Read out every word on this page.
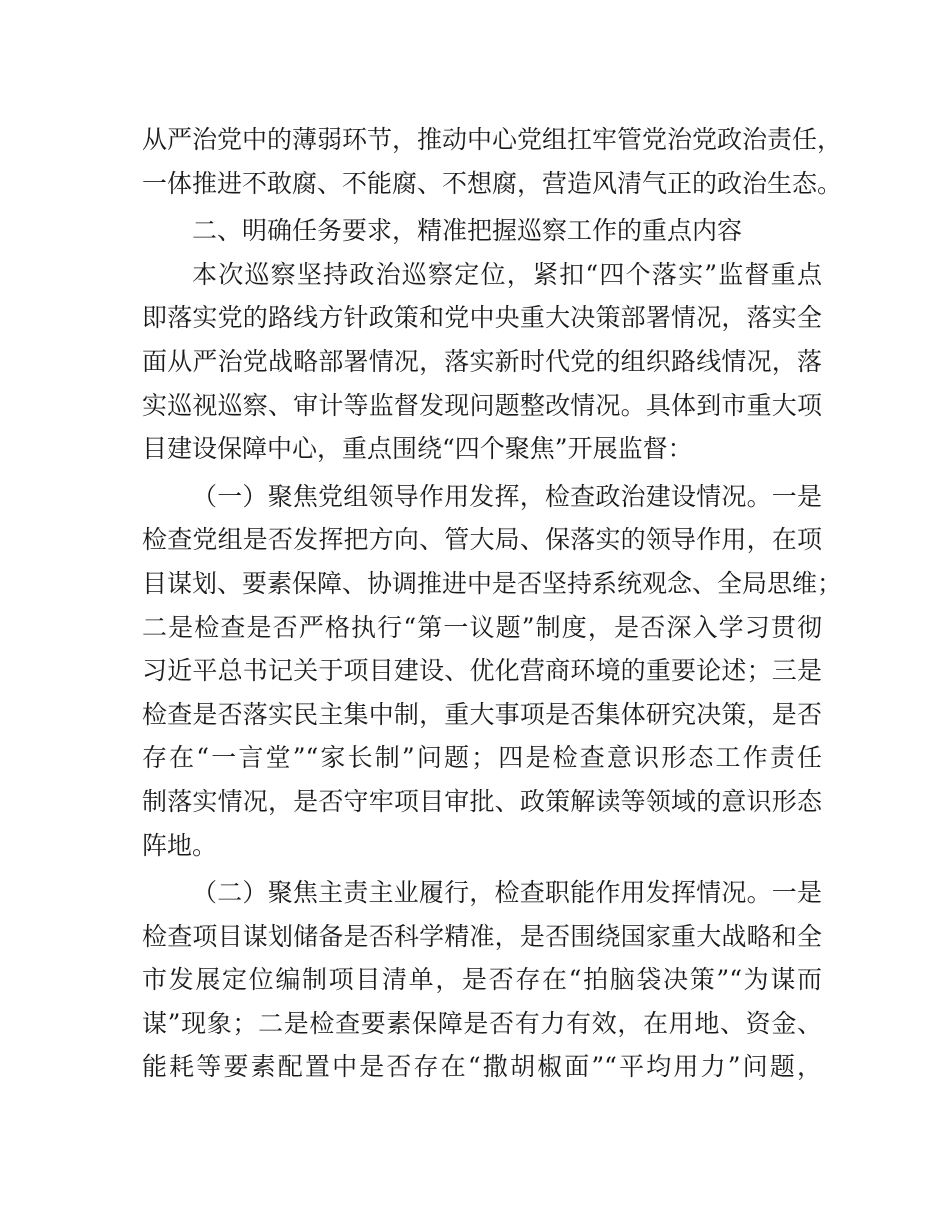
从严治党中的薄弱环节，推动中心党组扛牢管党治党政治责任，
一体推进不敢腐、不能腐、不想腐，营造风清气正的政治生态。
二、明确任务要求，精准把握巡察工作的重点内容
本次巡察坚持政治巡察定位，紧扣“四个落实”监督重点
即落实党的路线方针政策和党中央重大决策部署情况，落实全
面从严治党战略部署情况，落实新时代党的组织路线情况，落
实巡视巡察、审计等监督发现问题整改情况。具体到市重大项
目建设保障中心，重点围绕“四个聚焦”开展监督：
（一）聚焦党组领导作用发挥，检查政治建设情况。一是
检查党组是否发挥把方向、管大局、保落实的领导作用，在项
目谋划、要素保障、协调推进中是否坚持系统观念、全局思维；
二是检查是否严格执行“第一议题”制度，是否深入学习贯彻
习近平总书记关于项目建设、优化营商环境的重要论述；三是
检查是否落实民主集中制，重大事项是否集体研究决策，是否
存在“一言堂”“家长制”问题；四是检查意识形态工作责任
制落实情况，是否守牢项目审批、政策解读等领域的意识形态
阵地。
（二）聚焦主责主业履行，检查职能作用发挥情况。一是
检查项目谋划储备是否科学精准，是否围绕国家重大战略和全
市发展定位编制项目清单，是否存在“拍脑袋决策”“为谋而
谋”现象；二是检查要素保障是否有力有效，在用地、资金、
能耗等要素配置中是否存在“撒胡椒面”“平均用力”问题，
